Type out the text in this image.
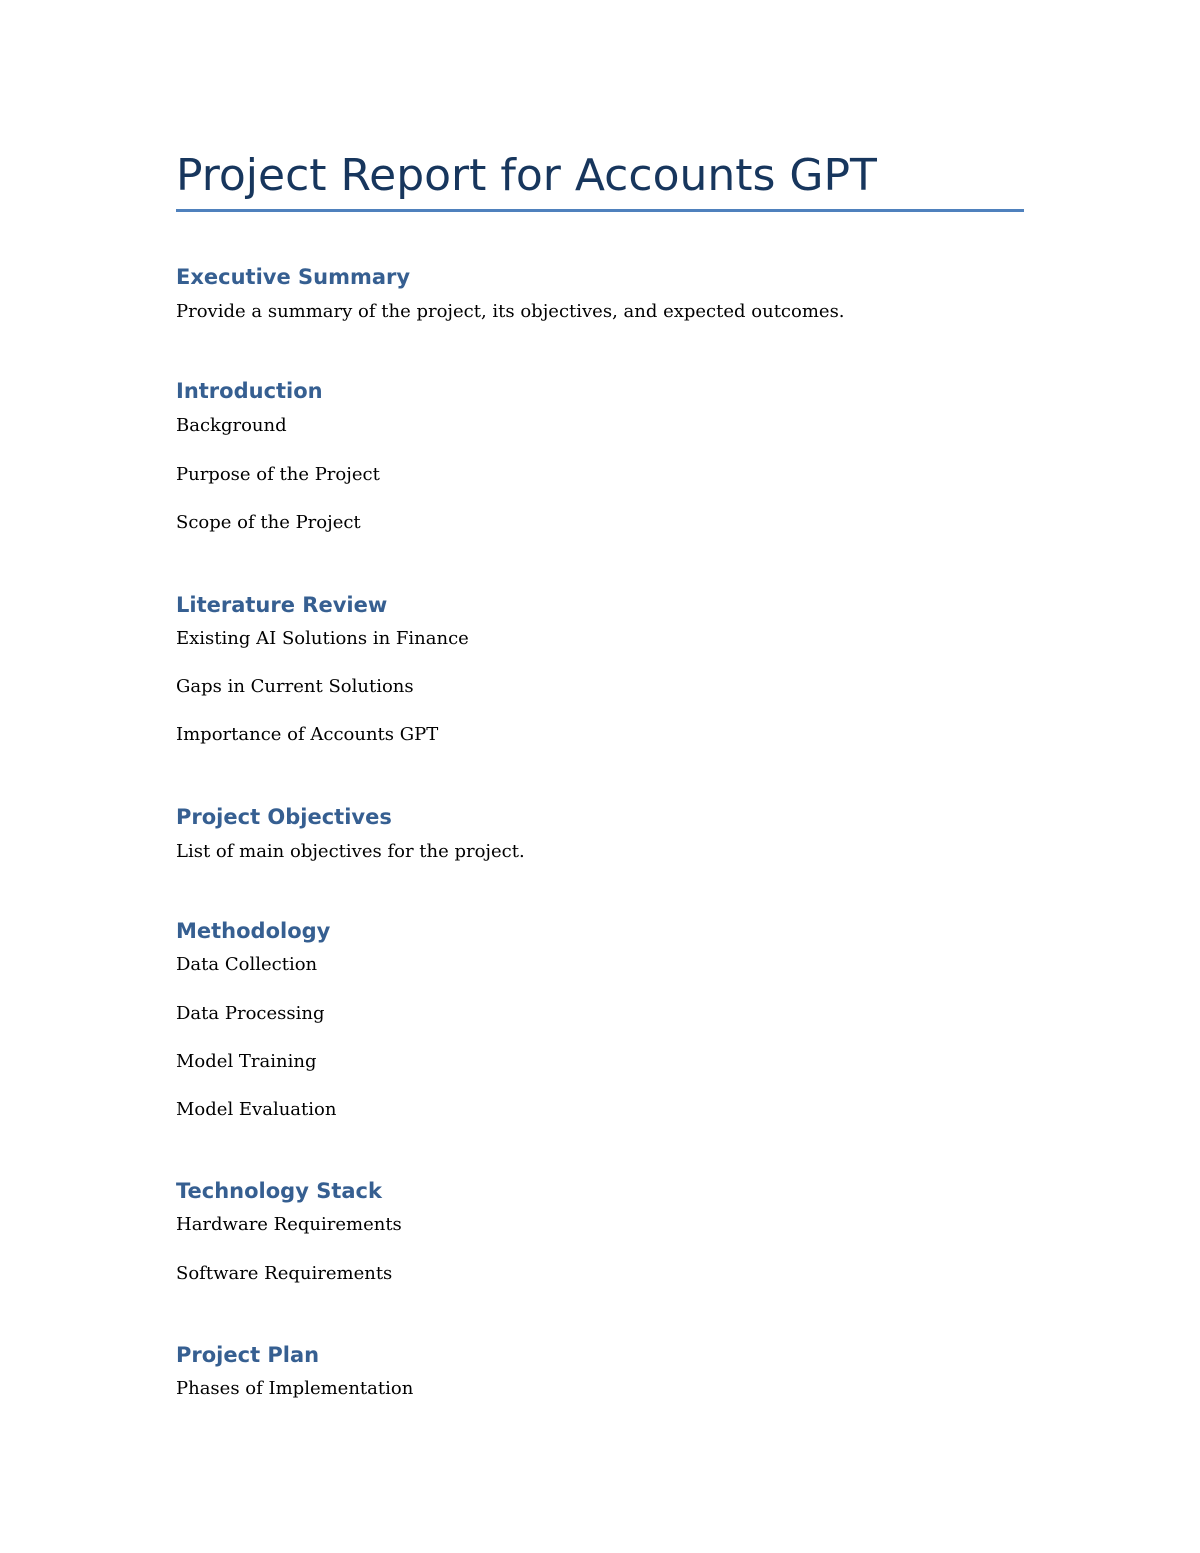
Project Report for Accounts GPT
Executive Summary

Provide a summary of the project, its objectives, and expected outcomes.

Introduction

Background

Purpose of the Project

Scope of the Project

Literature Review

Existing AI Solutions in Finance

Gaps in Current Solutions

Importance of Accounts GPT

Project Objectives

List of main objectives for the project.

Methodology

Data Collection

Data Processing

Model Training

Model Evaluation

Technology Stack

Hardware Requirements

Software Requirements

Project Plan

Phases of Implementation
